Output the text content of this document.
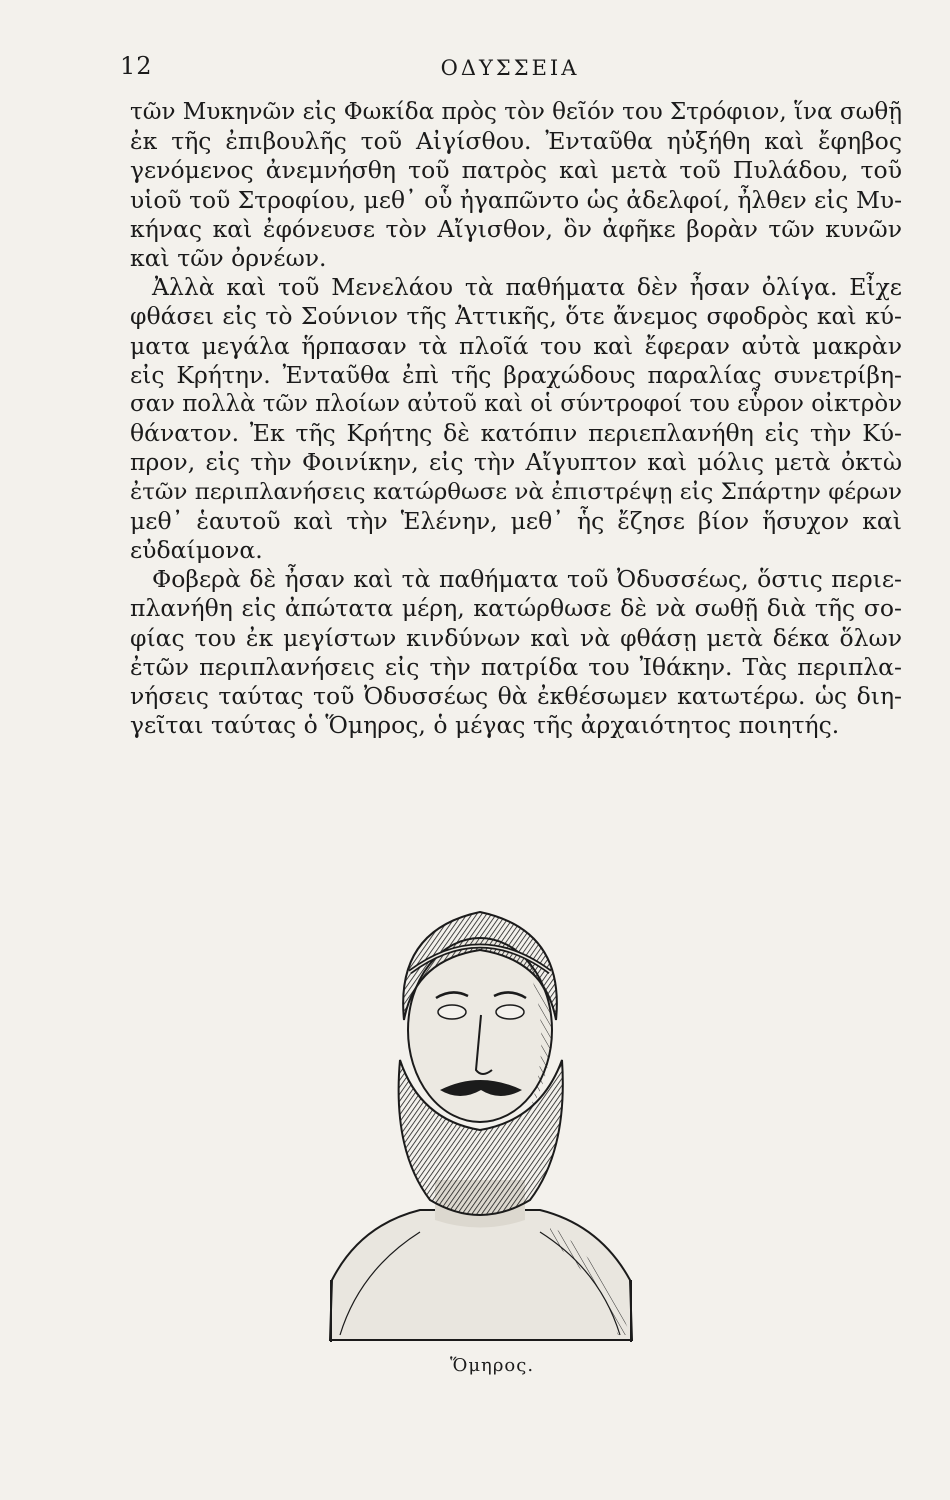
12	ΟΔΥΣΣΕΙΑ
τῶν Μυκηνῶν εἰς Φωκίδα πρὸς τὸν θεῖόν του Στρόφιον, ἵνα σωθῇ
ἐκ τῆς ἐπιβουλῆς τοῦ Αἰγίσθου. Ἐνταῦθα ηὐξήθη καὶ ἔφηβος
γενόμενος ἀνεμνήσθη τοῦ πατρὸς καὶ μετὰ τοῦ Πυλάδου, τοῦ
υἱοῦ τοῦ Στροφίου, μεθ᾽ οὗ ἠγαπῶντο ὡς ἀδελφοί, ἦλθεν εἰς Μυ-
κήνας καὶ ἐφόνευσε τὸν Αἴγισθον, ὃν ἀφῆκε βορὰν τῶν κυνῶν
καὶ τῶν ὀρνέων.
Ἀλλὰ καὶ τοῦ Μενελάου τὰ παθήματα δὲν ἦσαν ὀλίγα. Εἶχε
φθάσει εἰς τὸ Σούνιον τῆς Ἀττικῆς, ὅτε ἄνεμος σφοδρὸς καὶ κύ-
ματα μεγάλα ἥρπασαν τὰ πλοῖά του καὶ ἔφεραν αὐτὰ μακρὰν
εἰς Κρήτην. Ἐνταῦθα ἐπὶ τῆς βραχώδους παραλίας συνετρίβη-
σαν πολλὰ τῶν πλοίων αὐτοῦ καὶ οἱ σύντροφοί του εὗρον οἰκτρὸν
θάνατον. Ἐκ τῆς Κρήτης δὲ κατόπιν περιεπλανήθη εἰς τὴν Κύ-
προν, εἰς τὴν Φοινίκην, εἰς τὴν Αἴγυπτον καὶ μόλις μετὰ ὀκτὼ
ἐτῶν περιπλανήσεις κατώρθωσε νὰ ἐπιστρέψῃ εἰς Σπάρτην φέρων
μεθ᾽ ἑαυτοῦ καὶ τὴν Ἑλένην, μεθ᾽ ἧς ἔζησε βίον ἥσυχον καὶ
εὐδαίμονα.
Φοβερὰ δὲ ἦσαν καὶ τὰ παθήματα τοῦ Ὀδυσσέως, ὅστις περιε-
πλανήθη εἰς ἀπώτατα μέρη, κατώρθωσε δὲ νὰ σωθῇ διὰ τῆς σο-
φίας του ἐκ μεγίστων κινδύνων καὶ νὰ φθάσῃ μετὰ δέκα ὅλων
ἐτῶν περιπλανήσεις εἰς τὴν πατρίδα του Ἰθάκην. Τὰς περιπλα-
νήσεις ταύτας τοῦ Ὀδυσσέως θὰ ἐκθέσωμεν κατωτέρω. ὡς διη-
γεῖται ταύτας ὁ Ὅμηρος, ὁ μέγας τῆς ἀρχαιότητος ποιητής.
Ὅμηρος.
